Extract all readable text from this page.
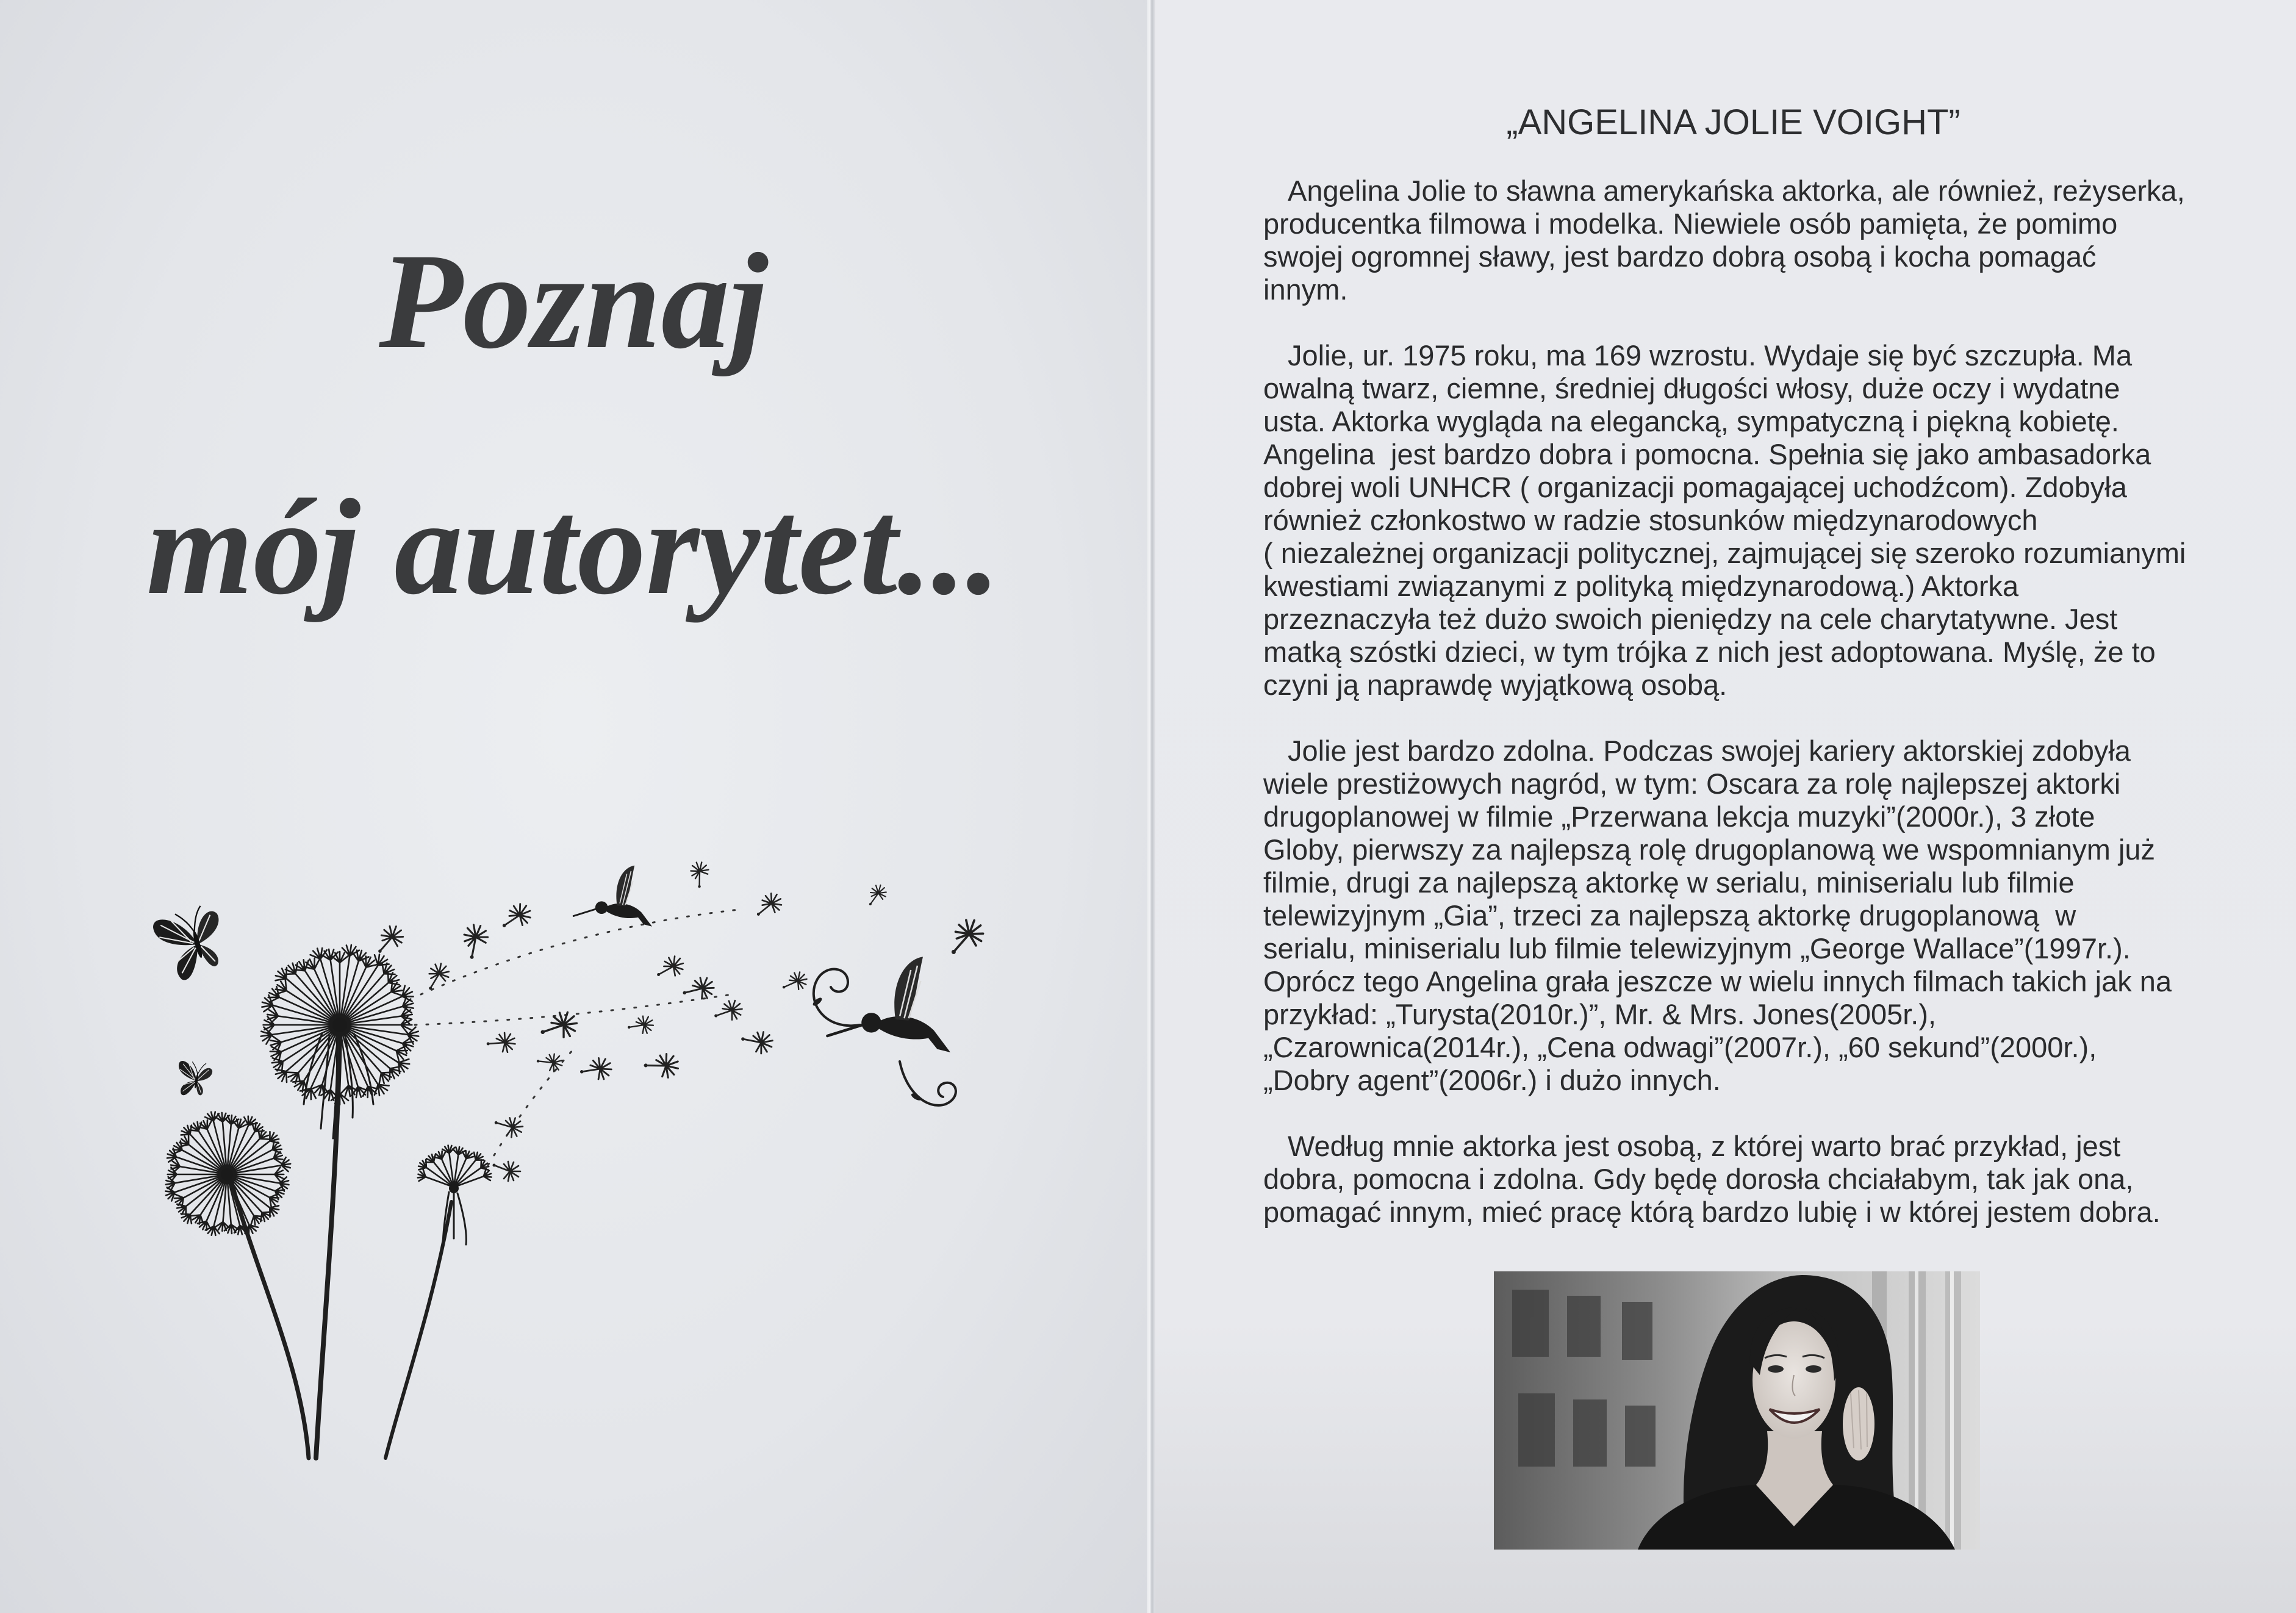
Poznaj
mój autorytet...
„ANGELINA JOLIE VOIGHT”
Angelina Jolie to sławna amerykańska aktorka, ale również, reżyserka,
producentka filmowa i modelka. Niewiele osób pamięta, że pomimo
swojej ogromnej sławy, jest bardzo dobrą osobą i kocha pomagać
innym.
Jolie, ur. 1975 roku, ma 169 wzrostu. Wydaje się być szczupła. Ma
owalną twarz, ciemne, średniej długości włosy, duże oczy i wydatne
usta. Aktorka wygląda na elegancką, sympatyczną i piękną kobietę.
Angelina  jest bardzo dobra i pomocna. Spełnia się jako ambasadorka
dobrej woli UNHCR ( organizacji pomagającej uchodźcom). Zdobyła
również członkostwo w radzie stosunków międzynarodowych
( niezależnej organizacji politycznej, zajmującej się szeroko rozumianymi
kwestiami związanymi z polityką międzynarodową.) Aktorka
przeznaczyła też dużo swoich pieniędzy na cele charytatywne. Jest
matką szóstki dzieci, w tym trójka z nich jest adoptowana. Myślę, że to
czyni ją naprawdę wyjątkową osobą.
Jolie jest bardzo zdolna. Podczas swojej kariery aktorskiej zdobyła
wiele prestiżowych nagród, w tym: Oscara za rolę najlepszej aktorki
drugoplanowej w filmie „Przerwana lekcja muzyki”(2000r.), 3 złote
Globy, pierwszy za najlepszą rolę drugoplanową we wspomnianym już
filmie, drugi za najlepszą aktorkę w serialu, miniserialu lub filmie
telewizyjnym „Gia”, trzeci za najlepszą aktorkę drugoplanową  w
serialu, miniserialu lub filmie telewizyjnym „George Wallace”(1997r.).
Oprócz tego Angelina grała jeszcze w wielu innych filmach takich jak na
przykład: „Turysta(2010r.)”, Mr. & Mrs. Jones(2005r.),
„Czarownica(2014r.), „Cena odwagi”(2007r.), „60 sekund”(2000r.),
„Dobry agent”(2006r.) i dużo innych.
Według mnie aktorka jest osobą, z której warto brać przykład, jest
dobra, pomocna i zdolna. Gdy będę dorosła chciałabym, tak jak ona,
pomagać innym, mieć pracę którą bardzo lubię i w której jestem dobra.
